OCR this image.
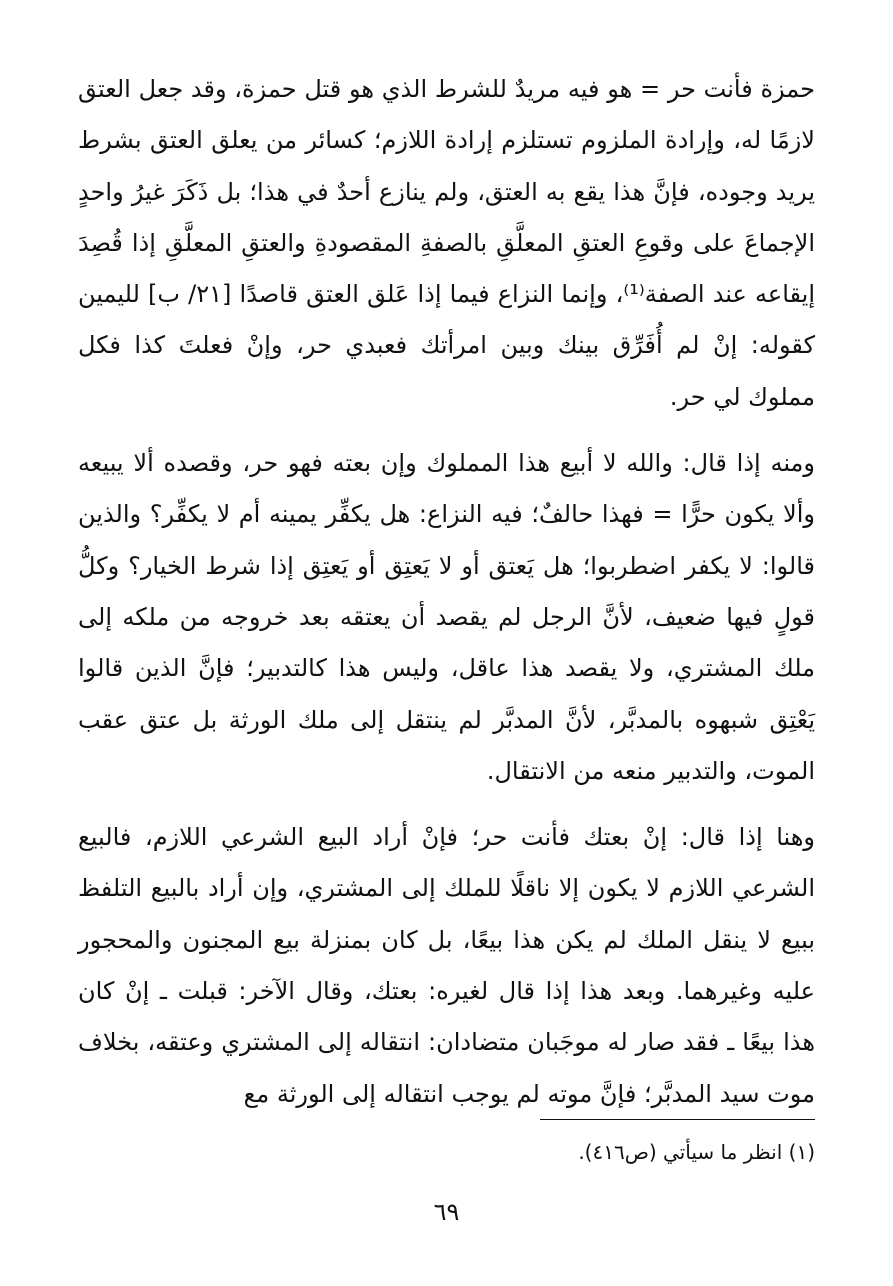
حمزة فأنت حر = هو فيه مريدٌ للشرط الذي هو قتل حمزة، وقد جعل العتق لازمًا له، وإرادة الملزوم تستلزم إرادة اللازم؛ كسائر من يعلق العتق بشرط يريد وجوده، فإنَّ هذا يقع به العتق، ولم ينازع أحدٌ في هذا؛ بل ذَكَرَ غيرُ واحدٍ الإجماعَ على وقوعِ العتقِ المعلَّقِ بالصفةِ المقصودةِ والعتقِ المعلَّقِ إذا قُصِدَ إيقاعه عند الصفة⁽¹⁾، وإنما النزاع فيما إذا عَلق العتق قاصدًا [٢١/ ب] لليمين كقوله: إنْ لم أُفَرِّق بينك وبين امرأتك فعبدي حر، وإنْ فعلتَ كذا فكل مملوك لي حر.

ومنه إذا قال: والله لا أبيع هذا المملوك وإن بعته فهو حر، وقصده ألا يبيعه وألا يكون حرًّا = فهذا حالفٌ؛ فيه النزاع: هل يكفِّر يمينه أم لا يكفِّر؟ والذين قالوا: لا يكفر اضطربوا؛ هل يَعتق أو لا يَعتِق أو يَعتِق إذا شرط الخيار؟ وكلُّ قولٍ فيها ضعيف، لأنَّ الرجل لم يقصد أن يعتقه بعد خروجه من ملكه إلى ملك المشتري، ولا يقصد هذا عاقل، وليس هذا كالتدبير؛ فإنَّ الذين قالوا يَعْتِق شبهوه بالمدبَّر، لأنَّ المدبَّر لم ينتقل إلى ملك الورثة بل عتق عقب الموت، والتدبير منعه من الانتقال.

وهنا إذا قال: إنْ بعتك فأنت حر؛ فإنْ أراد البيع الشرعي اللازم، فالبيع الشرعي اللازم لا يكون إلا ناقلًا للملك إلى المشتري، وإن أراد بالبيع التلفظ ببيع لا ينقل الملك لم يكن هذا بيعًا، بل كان بمنزلة بيع المجنون والمحجور عليه وغيرهما. وبعد هذا إذا قال لغيره: بعتك، وقال الآخر: قبلت ـ إنْ كان هذا بيعًا ـ فقد صار له موجَبان متضادان: انتقاله إلى المشتري وعتقه، بخلاف موت سيد المدبَّر؛ فإنَّ موته لم يوجب انتقاله إلى الورثة مع

(١) انظر ما سيأتي (ص٤١٦).

٦٩
